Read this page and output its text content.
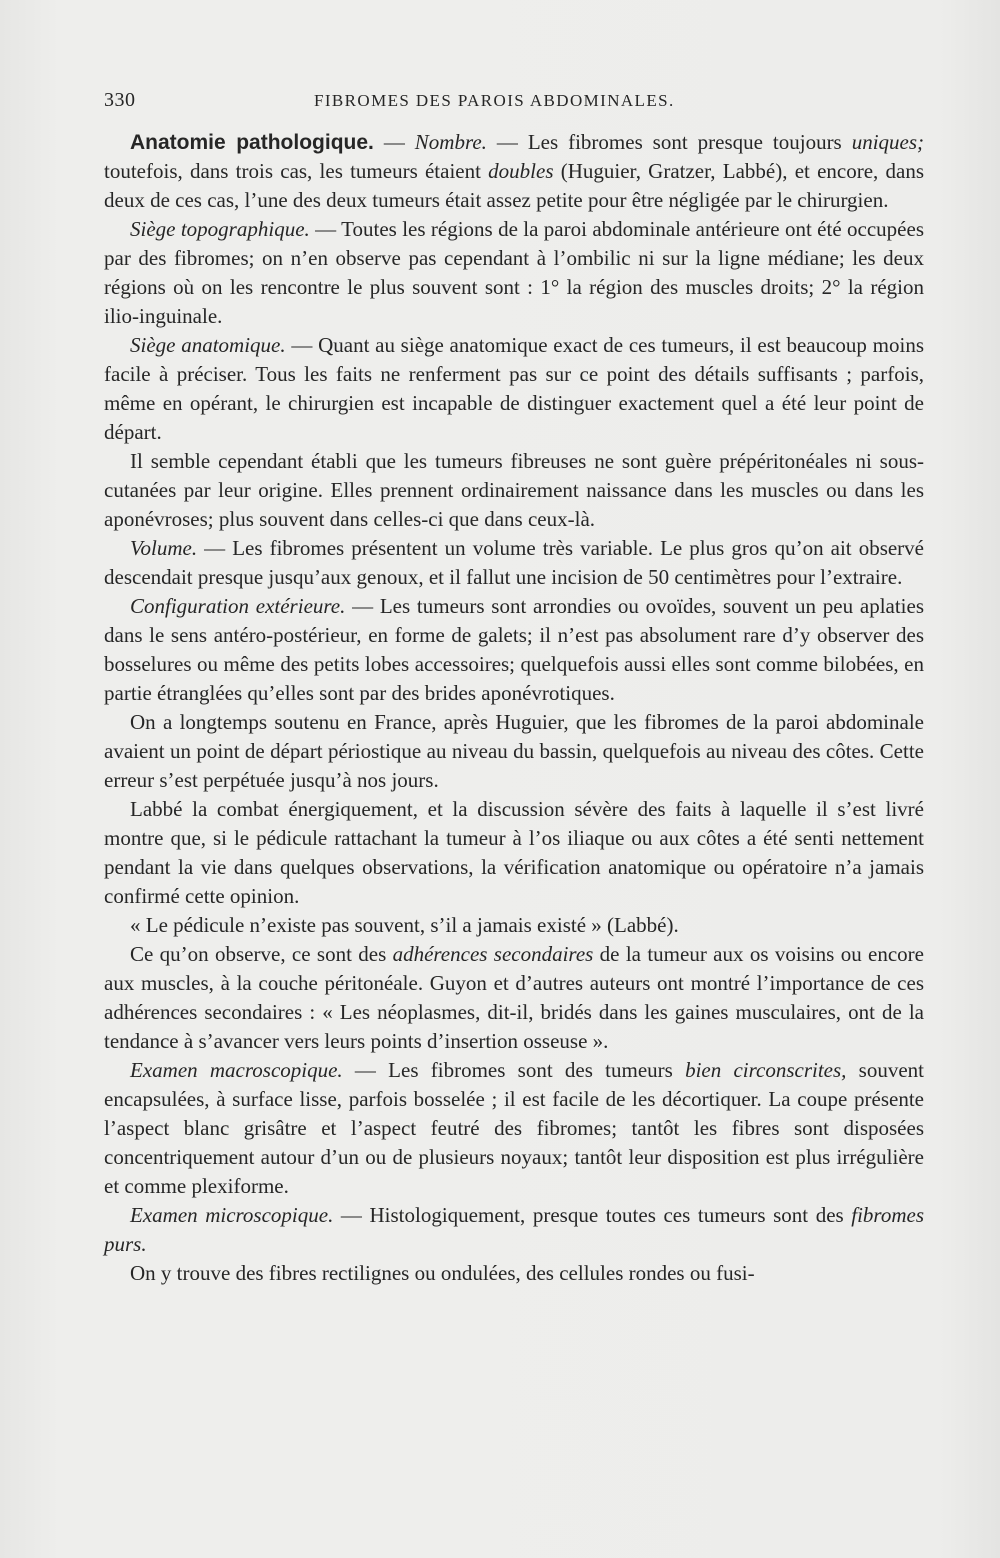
330	FIBROMES DES PAROIS ABDOMINALES.

Anatomie pathologique. — Nombre. — Les fibromes sont presque toujours uniques; toutefois, dans trois cas, les tumeurs étaient doubles (Huguier, Gratzer, Labbé), et encore, dans deux de ces cas, l’une des deux tumeurs était assez petite pour être négligée par le chirurgien.

Siège topographique. — Toutes les régions de la paroi abdominale antérieure ont été occupées par des fibromes; on n’en observe pas cependant à l’ombilic ni sur la ligne médiane; les deux régions où on les rencontre le plus souvent sont : 1° la région des muscles droits; 2° la région ilio-inguinale.

Siège anatomique. — Quant au siège anatomique exact de ces tumeurs, il est beaucoup moins facile à préciser. Tous les faits ne renferment pas sur ce point des détails suffisants ; parfois, même en opérant, le chirurgien est incapable de distinguer exactement quel a été leur point de départ.

Il semble cependant établi que les tumeurs fibreuses ne sont guère prépéritonéales ni sous-cutanées par leur origine. Elles prennent ordinairement naissance dans les muscles ou dans les aponévroses; plus souvent dans celles-ci que dans ceux-là.

Volume. — Les fibromes présentent un volume très variable. Le plus gros qu’on ait observé descendait presque jusqu’aux genoux, et il fallut une incision de 50 centimètres pour l’extraire.

Configuration extérieure. — Les tumeurs sont arrondies ou ovoïdes, souvent un peu aplaties dans le sens antéro-postérieur, en forme de galets; il n’est pas absolument rare d’y observer des bosselures ou même des petits lobes accessoires; quelquefois aussi elles sont comme bilobées, en partie étranglées qu’elles sont par des brides aponévrotiques.

On a longtemps soutenu en France, après Huguier, que les fibromes de la paroi abdominale avaient un point de départ périostique au niveau du bassin, quelquefois au niveau des côtes. Cette erreur s’est perpétuée jusqu’à nos jours.

Labbé la combat énergiquement, et la discussion sévère des faits à laquelle il s’est livré montre que, si le pédicule rattachant la tumeur à l’os iliaque ou aux côtes a été senti nettement pendant la vie dans quelques observations, la vérification anatomique ou opératoire n’a jamais confirmé cette opinion.

« Le pédicule n’existe pas souvent, s’il a jamais existé » (Labbé).

Ce qu’on observe, ce sont des adhérences secondaires de la tumeur aux os voisins ou encore aux muscles, à la couche péritonéale. Guyon et d’autres auteurs ont montré l’importance de ces adhérences secondaires : « Les néoplasmes, dit-il, bridés dans les gaines musculaires, ont de la tendance à s’avancer vers leurs points d’insertion osseuse ».

Examen macroscopique. — Les fibromes sont des tumeurs bien circonscrites, souvent encapsulées, à surface lisse, parfois bosselée ; il est facile de les décortiquer. La coupe présente l’aspect blanc grisâtre et l’aspect feutré des fibromes; tantôt les fibres sont disposées concentriquement autour d’un ou de plusieurs noyaux; tantôt leur disposition est plus irrégulière et comme plexiforme.

Examen microscopique. — Histologiquement, presque toutes ces tumeurs sont des fibromes purs.

On y trouve des fibres rectilignes ou ondulées, des cellules rondes ou fusi-
